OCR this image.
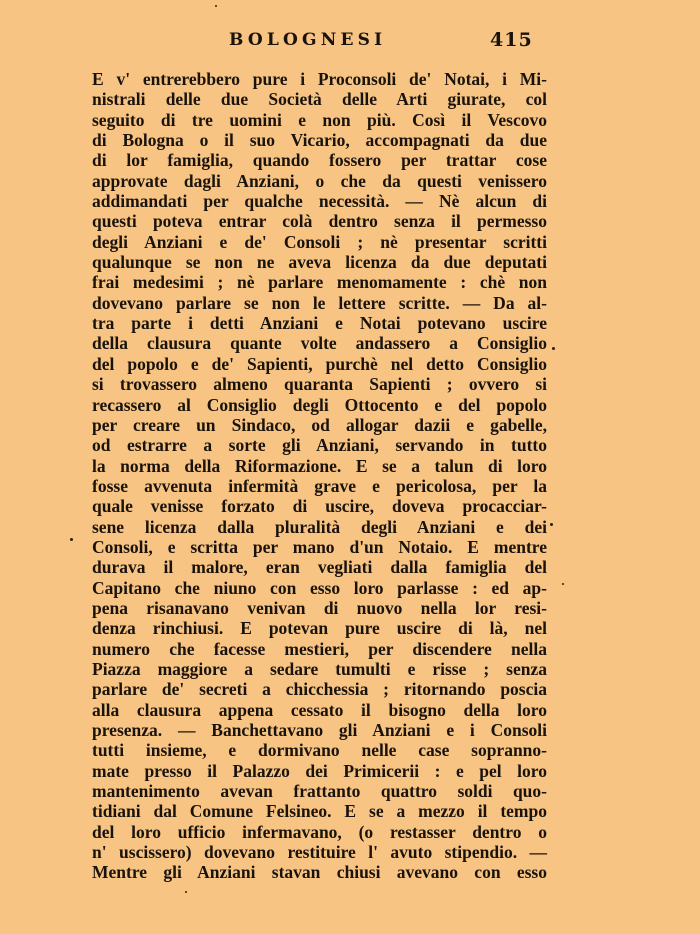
BOLOGNESI	415
E v' entrerebbero pure i Proconsoli de' Notai, i Mi-
nistrali delle due Società delle Arti giurate, col
seguito di tre uomini e non più. Così il Vescovo
di Bologna o il suo Vicario, accompagnati da due
di lor famiglia, quando fossero per trattar cose
approvate dagli Anziani, o che da questi venissero
addimandati per qualche necessità. — Nè alcun di
questi poteva entrar colà dentro senza il permesso
degli Anziani e de' Consoli ; nè presentar scritti
qualunque se non ne aveva licenza da due deputati
frai medesimi ; nè parlare menomamente : chè non
dovevano parlare se non le lettere scritte. — Da al-
tra parte i detti Anziani e Notai potevano uscire
della clausura quante volte andassero a Consiglio
del popolo e de' Sapienti, purchè nel detto Consiglio
si trovassero almeno quaranta Sapienti ; ovvero si
recassero al Consiglio degli Ottocento e del popolo
per creare un Sindaco, od allogar dazii e gabelle,
od estrarre a sorte gli Anziani, servando in tutto
la norma della Riformazione. E se a talun di loro
fosse avvenuta infermità grave e pericolosa, per la
quale venisse forzato di uscire, doveva procacciar-
sene licenza dalla pluralità degli Anziani e dei
Consoli, e scritta per mano d'un Notaio. E mentre
durava il malore, eran vegliati dalla famiglia del
Capitano che niuno con esso loro parlasse : ed ap-
pena risanavano venivan di nuovo nella lor resi-
denza rinchiusi. E potevan pure uscire di là, nel
numero che facesse mestieri, per discendere nella
Piazza maggiore a sedare tumulti e risse ; senza
parlare de' secreti a chicchessia ; ritornando poscia
alla clausura appena cessato il bisogno della loro
presenza. — Banchettavano gli Anziani e i Consoli
tutti insieme, e dormivano nelle case sopranno-
mate presso il Palazzo dei Primicerii : e pel loro
mantenimento avevan frattanto quattro soldi quo-
tidiani dal Comune Felsineo. E se a mezzo il tempo
del loro ufficio infermavano, (o restasser dentro o
n' uscissero) dovevano restituire l' avuto stipendio. —
Mentre gli Anziani stavan chiusi avevano con esso
